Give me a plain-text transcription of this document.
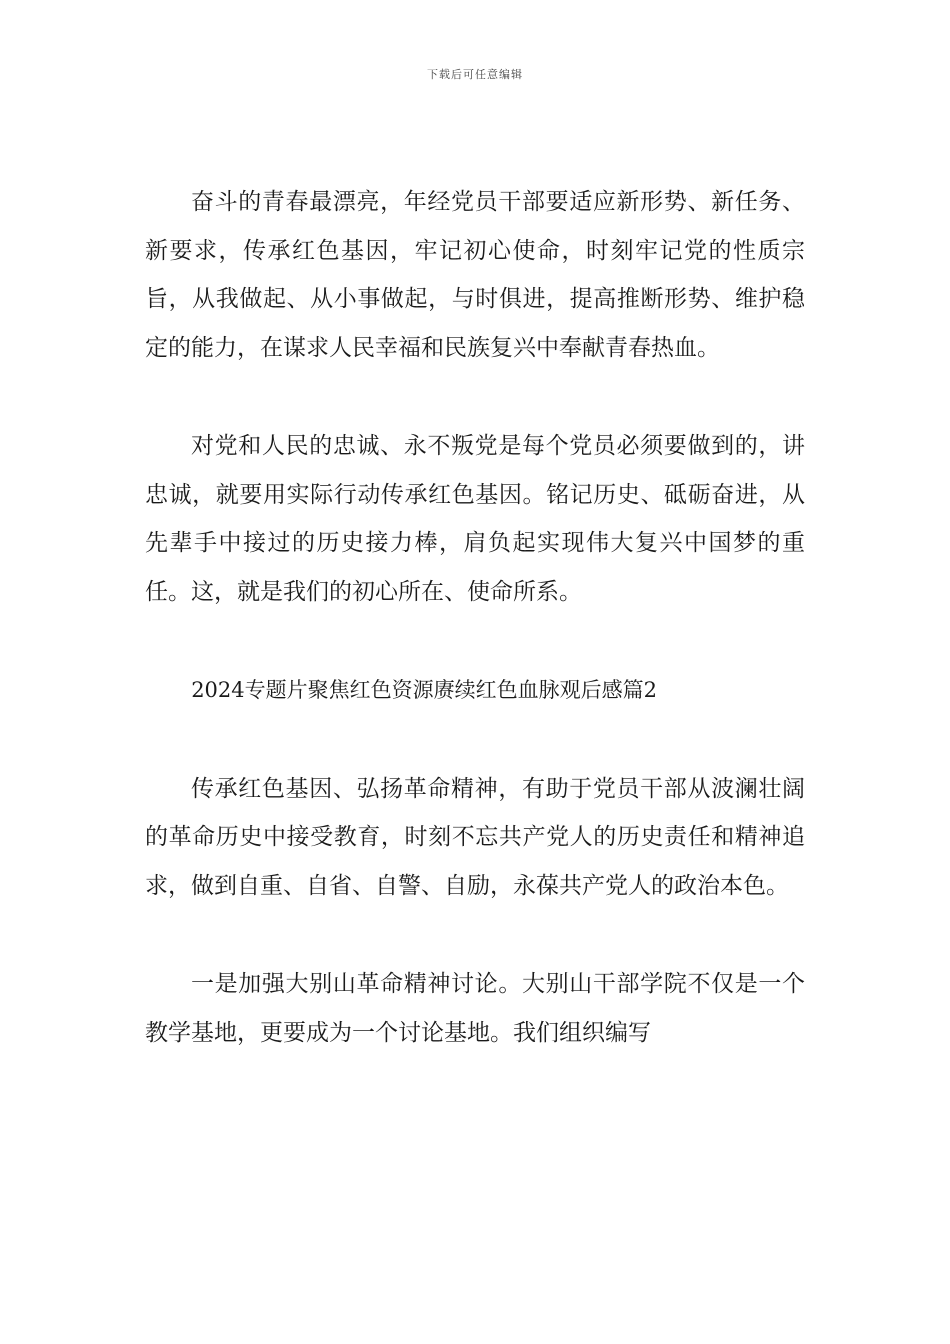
下载后可任意编辑

奋斗的青春最漂亮，年经党员干部要适应新形势、新任务、新要求，传承红色基因，牢记初心使命，时刻牢记党的性质宗旨，从我做起、从小事做起，与时俱进，提高推断形势、维护稳定的能力，在谋求人民幸福和民族复兴中奉献青春热血。

对党和人民的忠诚、永不叛党是每个党员必须要做到的，讲忠诚，就要用实际行动传承红色基因。铭记历史、砥砺奋进，从先辈手中接过的历史接力棒，肩负起实现伟大复兴中国梦的重任。这，就是我们的初心所在、使命所系。

2024专题片聚焦红色资源赓续红色血脉观后感篇2

传承红色基因、弘扬革命精神，有助于党员干部从波澜壮阔的革命历史中接受教育，时刻不忘共产党人的历史责任和精神追求，做到自重、自省、自警、自励，永葆共产党人的政治本色。

一是加强大别山革命精神讨论。大别山干部学院不仅是一个教学基地，更要成为一个讨论基地。我们组织编写
